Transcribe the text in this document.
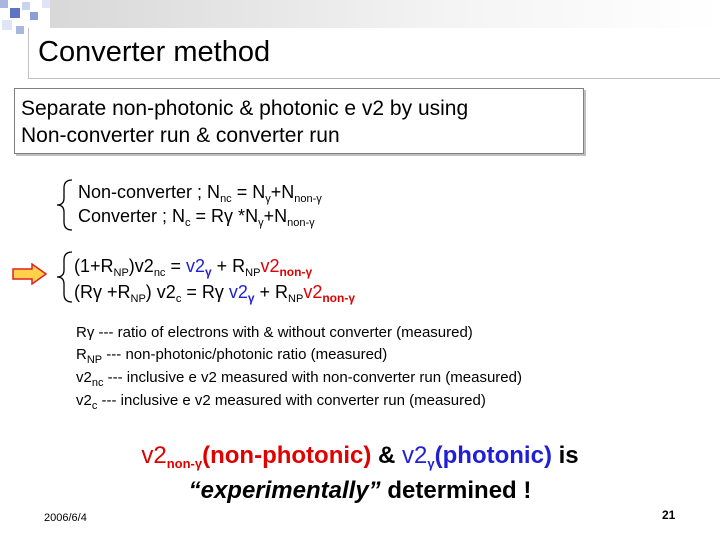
Converter method
Separate non-photonic & photonic e v2 by using
Non-converter run & converter run
Non-converter ; $N_{nc} = N_\gamma+N_{non-\gamma}$
Converter ; $N_c = R\gamma$ $*N_\gamma+N_{non-\gamma}$
$(1+R_{NP})v2_{nc} = v2_\gamma + R_{NP}v2_{non-\gamma}$
$(R\gamma +R_{NP})$ $v2_c = R\gamma$ $v2_\gamma + R_{NP}v2_{non-\gamma}$
Rγ --- ratio of electrons with & without converter (measured)
$R_{NP}$ --- non-photonic/photonic ratio (measured)
$v2_{nc}$ --- inclusive e v2 measured with non-converter run (measured)
$v2_c$ --- inclusive e v2 measured with converter run (measured)
$v2_{non-\gamma}(non-photonic)$ & $v2_\gamma(photonic)$ is
“experimentally” determined !
2006/6/4	21
